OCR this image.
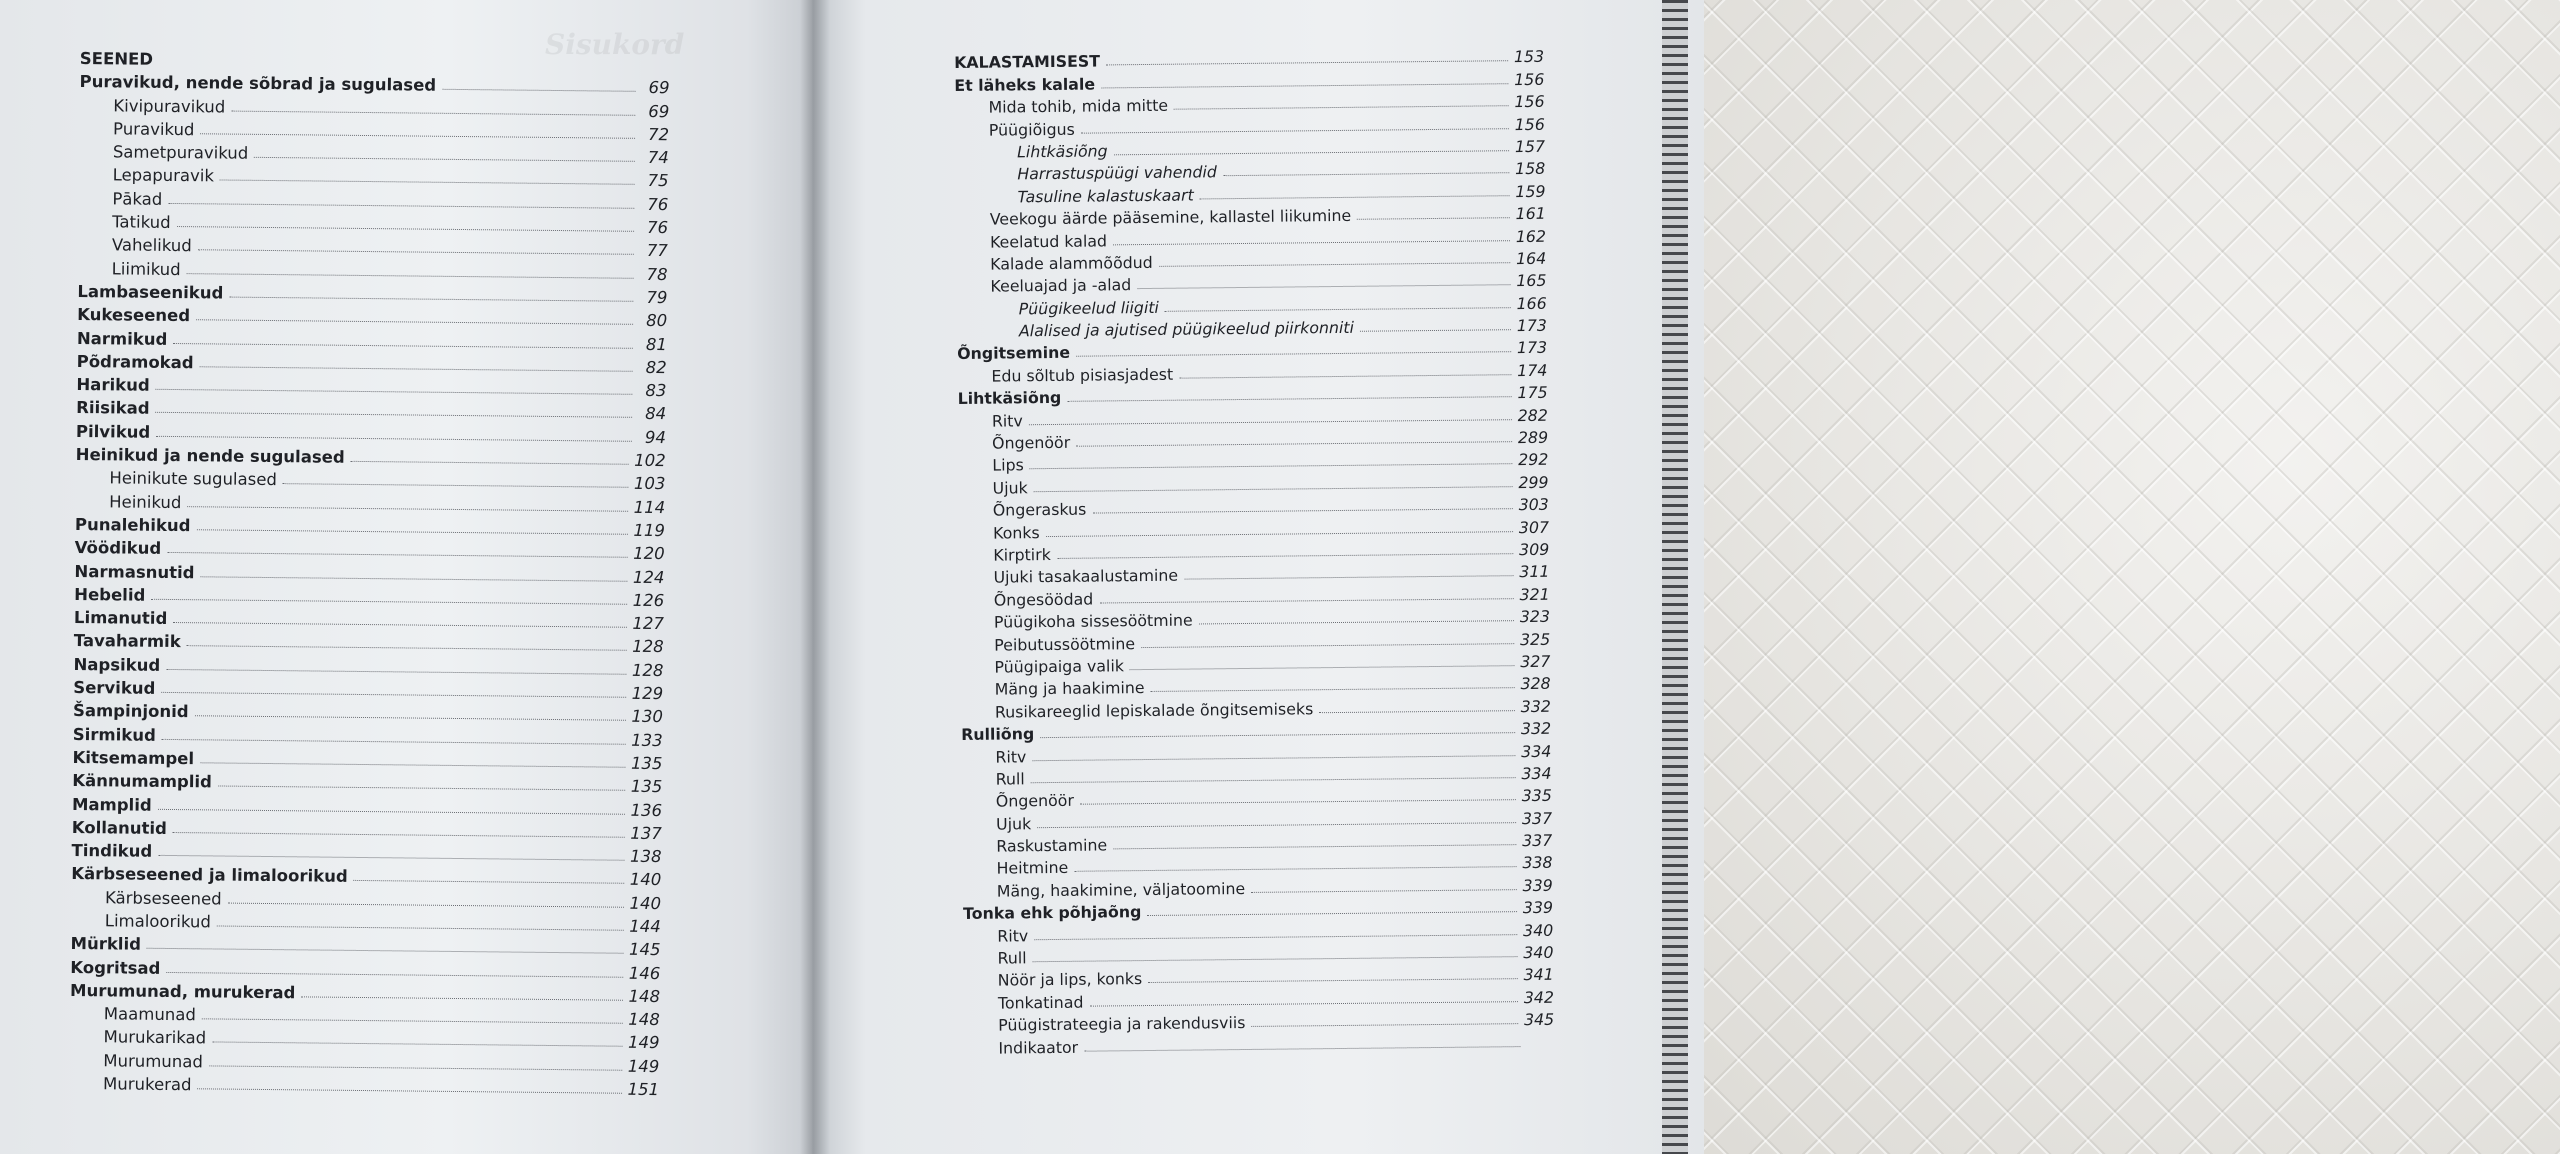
Sisukord
SEENED
Puravikud, nende sõbrad ja sugulased	69
Kivipuravikud	69
Puravikud	72
Sametpuravikud	74
Lepapuravik	75
Pākad	76
Tatikud	76
Vahelikud	77
Liimikud	78
Lambaseenikud	79
Kukeseened	80
Narmikud	81
Põdramokad	82
Harikud	83
Riisikad	84
Pilvikud	94
Heinikud ja nende sugulased	102
Heinikute sugulased	103
Heinikud	114
Punalehikud	119
Vöödikud	120
Narmasnutid	124
Hebelid	126
Limanutid	127
Tavaharmik	128
Napsikud	128
Servikud	129
Šampinjonid	130
Sirmikud	133
Kitsemampel	135
Kännumamplid	135
Mamplid	136
Kollanutid	137
Tindikud	138
Kärbseseened ja limaloorikud	140
Kärbseseened	140
Limaloorikud	144
Mürklid	145
Kogritsad	146
Murumunad, murukerad	148
Maamunad	148
Murukarikad	149
Murumunad	149
Murukerad	151
KALASTAMISEST	153
Et läheks kalale	156
Mida tohib, mida mitte	156
Püügiõigus	156
Lihtkäsiõng	157
Harrastuspüügi vahendid	158
Tasuline kalastuskaart	159
Veekogu äärde pääsemine, kallastel liikumine	161
Keelatud kalad	162
Kalade alammõõdud	164
Keeluajad ja -alad	165
Püügikeelud liigiti	166
Alalised ja ajutised püügikeelud piirkonniti	173
Õngitsemine	173
Edu sõltub pisiasjadest	174
Lihtkäsiõng	175
Ritv	282
Õngenöör	289
Lips	292
Ujuk	299
Õngeraskus	303
Konks	307
Kirptirk	309
Ujuki tasakaalustamine	311
Õngesöödad	321
Püügikoha sissesöötmine	323
Peibutussöötmine	325
Püügipaiga valik	327
Mäng ja haakimine	328
Rusikareeglid lepiskalade õngitsemiseks	332
Rulliõng	332
Ritv	334
Rull	334
Õngenöör	335
Ujuk	337
Raskustamine	337
Heitmine	338
Mäng, haakimine, väljatoomine	339
Tonka ehk põhjaõng	339
Ritv	340
Rull	340
Nöör ja lips, konks	341
Tonkatinad	342
Püügistrateegia ja rakendusviis	345
Indikaator
